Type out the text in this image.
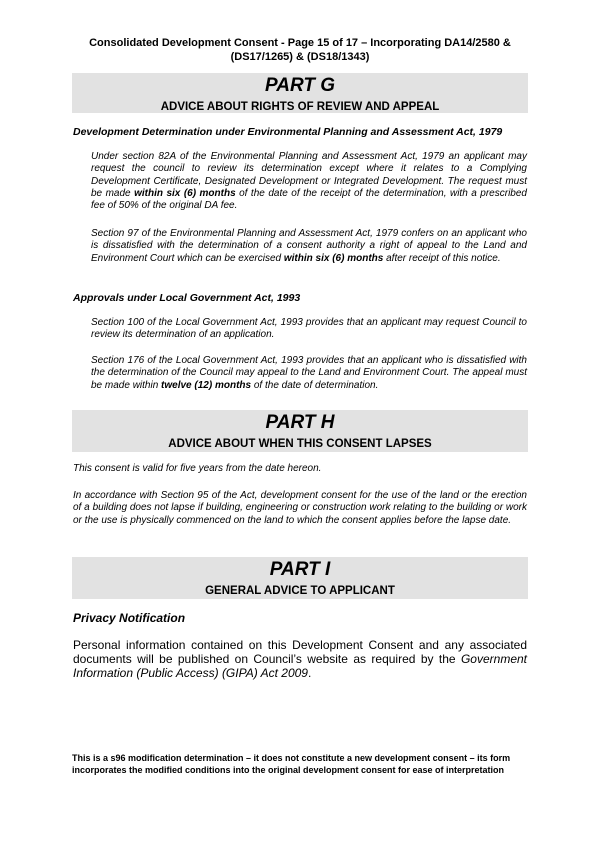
Consolidated Development Consent - Page 15 of 17 – Incorporating DA14/2580 &
(DS17/1265) & (DS18/1343)
PART G
ADVICE ABOUT RIGHTS OF REVIEW AND APPEAL
Development Determination under Environmental Planning and Assessment Act, 1979
Under section 82A of the Environmental Planning and Assessment Act, 1979 an applicant may request the council to review its determination except where it relates to a Complying Development Certificate, Designated Development or Integrated Development. The request must be made within six (6) months of the date of the receipt of the determination, with a prescribed fee of 50% of the original DA fee.
Section 97 of the Environmental Planning and Assessment Act, 1979 confers on an applicant who is dissatisfied with the determination of a consent authority a right of appeal to the Land and Environment Court which can be exercised within six (6) months after receipt of this notice.
Approvals under Local Government Act, 1993
Section 100 of the Local Government Act, 1993 provides that an applicant may request Council to review its determination of an application.
Section 176 of the Local Government Act, 1993 provides that an applicant who is dissatisfied with the determination of the Council may appeal to the Land and Environment Court. The appeal must be made within twelve (12) months of the date of determination.
PART H
ADVICE ABOUT WHEN THIS CONSENT LAPSES
This consent is valid for five years from the date hereon.
In accordance with Section 95 of the Act, development consent for the use of the land or the erection of a building does not lapse if building, engineering or construction work relating to the building or work or the use is physically commenced on the land to which the consent applies before the lapse date.
PART I
GENERAL ADVICE TO APPLICANT
Privacy Notification
Personal information contained on this Development Consent and any associated documents will be published on Council’s website as required by the Government Information (Public Access) (GIPA) Act 2009.
This is a s96 modification determination – it does not constitute a new development consent – its form incorporates the modified conditions into the original development consent for ease of interpretation
